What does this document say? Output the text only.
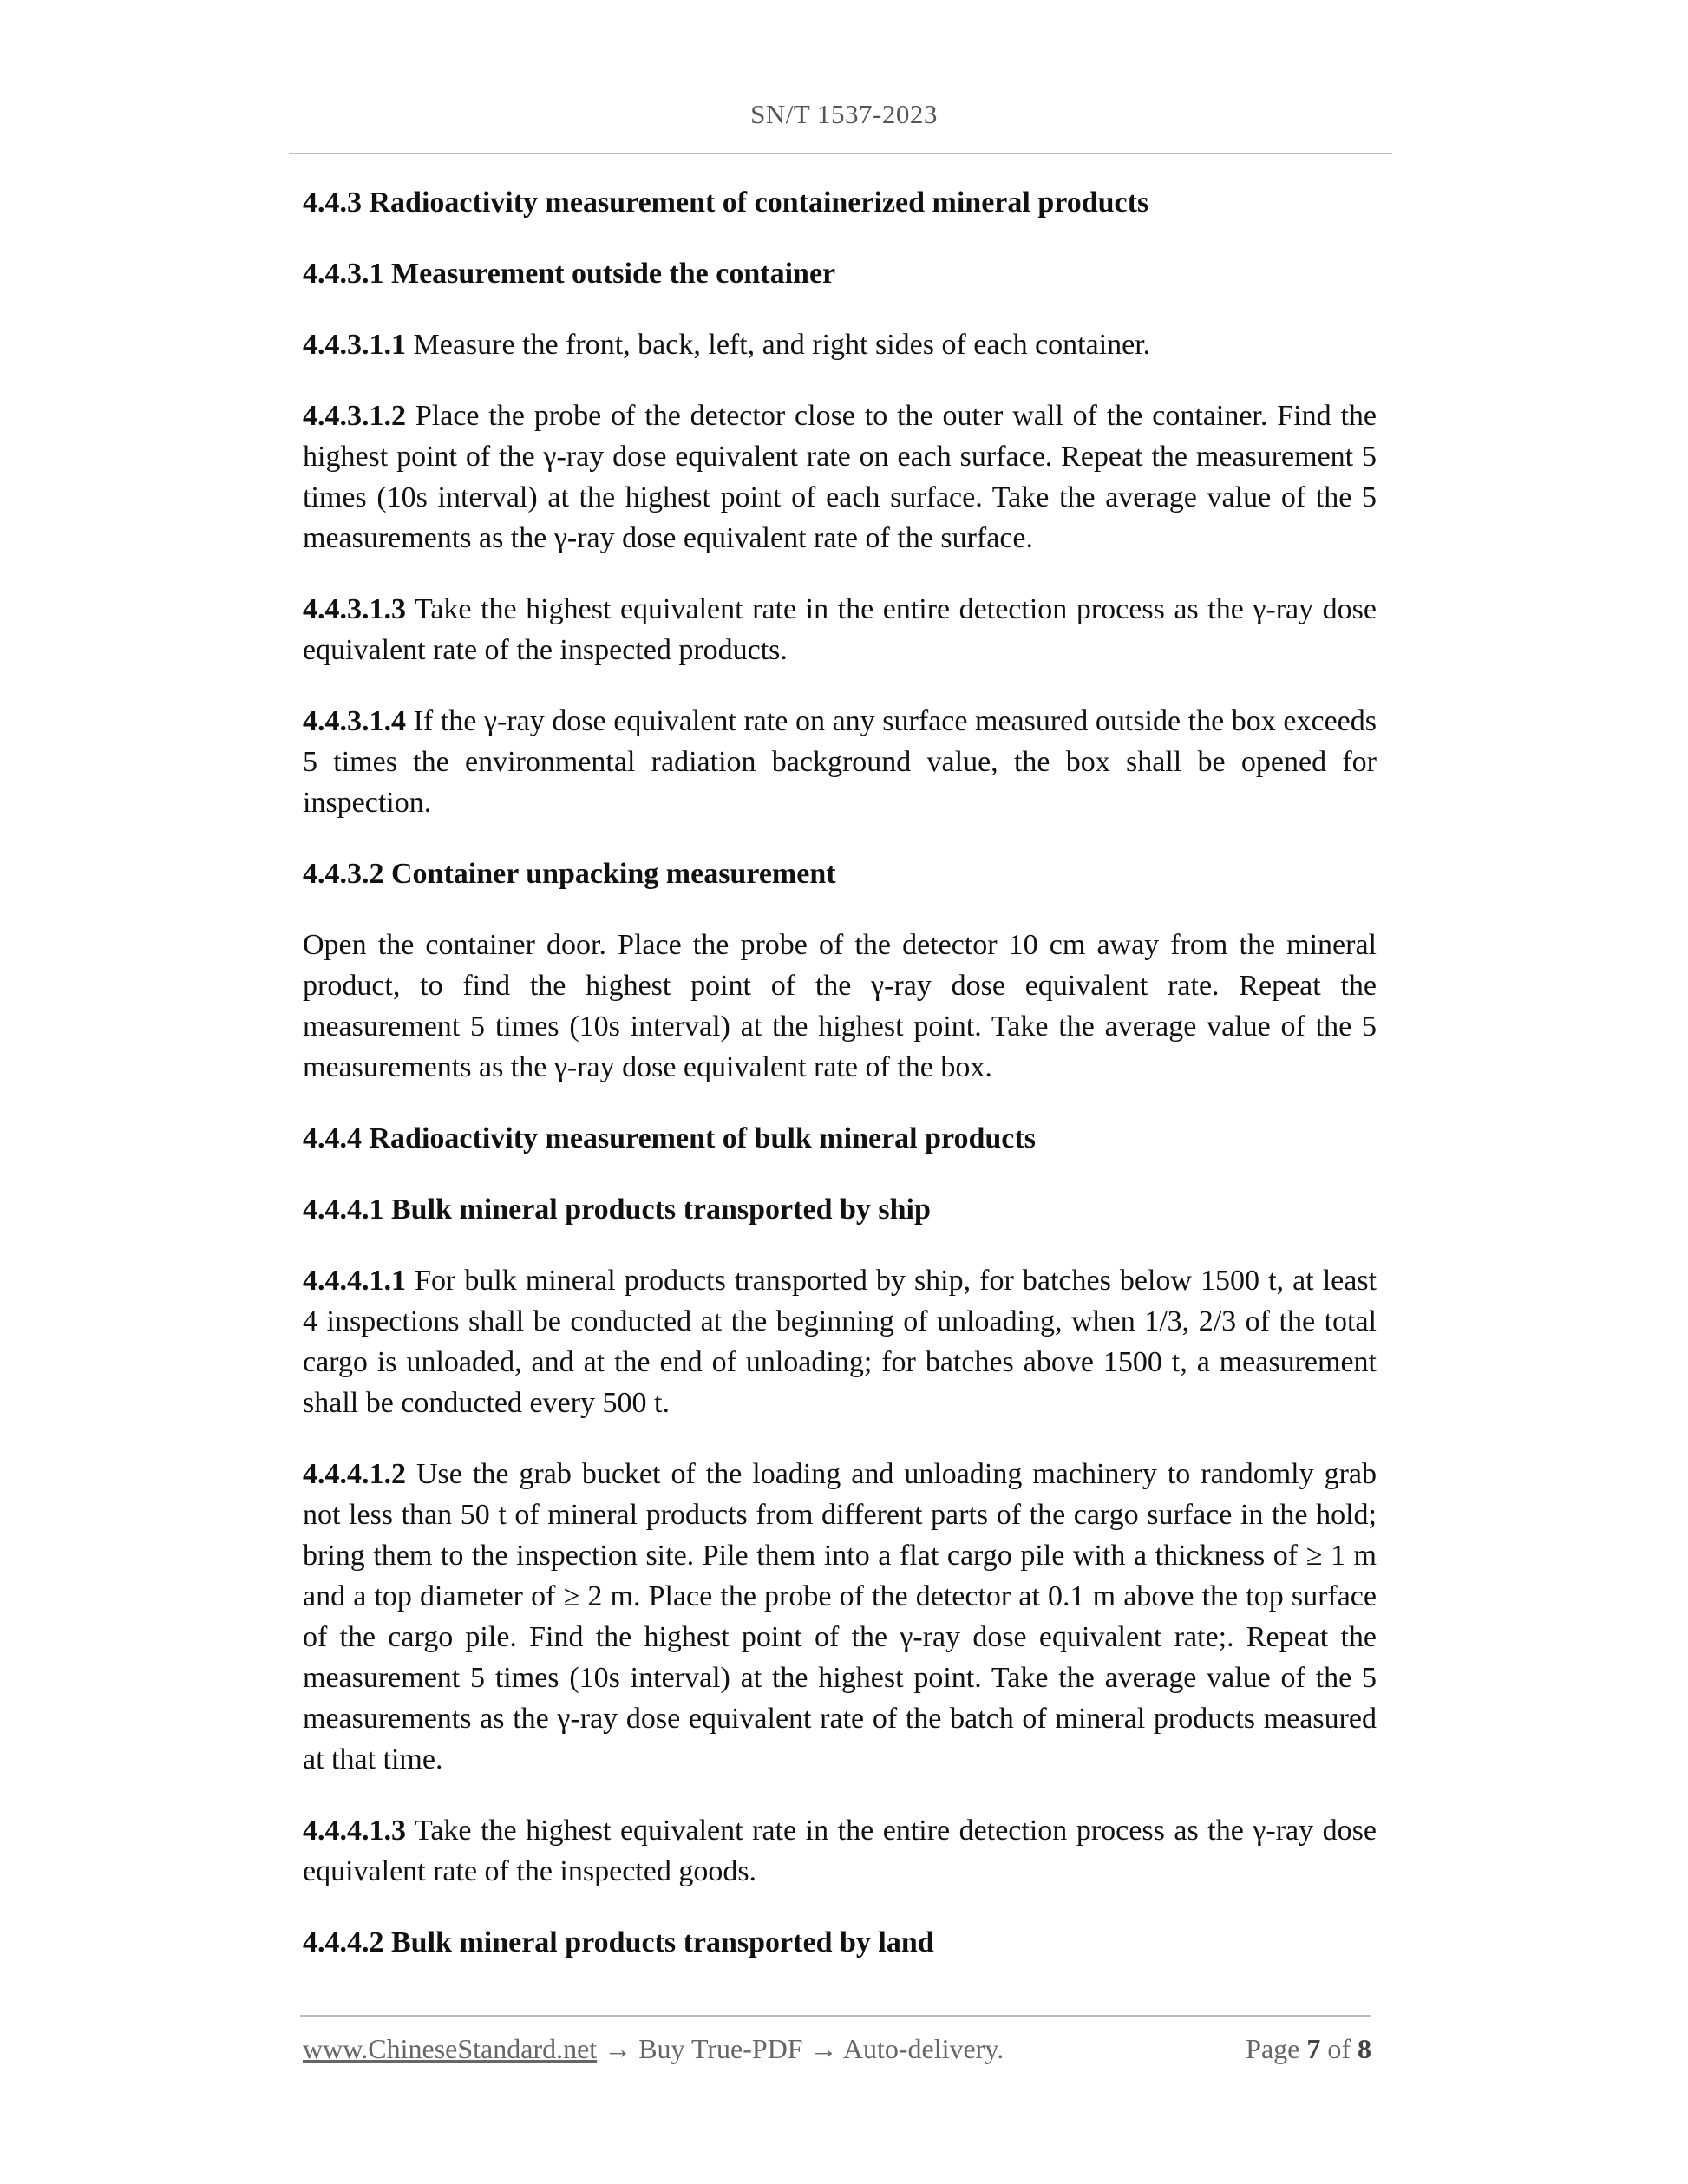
SN/T 1537-2023
4.4.3 Radioactivity measurement of containerized mineral products
4.4.3.1 Measurement outside the container
4.4.3.1.1 Measure the front, back, left, and right sides of each container.
4.4.3.1.2 Place the probe of the detector close to the outer wall of the container. Find the highest point of the γ-ray dose equivalent rate on each surface. Repeat the measurement 5 times (10s interval) at the highest point of each surface. Take the average value of the 5 measurements as the γ-ray dose equivalent rate of the surface.
4.4.3.1.3 Take the highest equivalent rate in the entire detection process as the γ-ray dose equivalent rate of the inspected products.
4.4.3.1.4 If the γ-ray dose equivalent rate on any surface measured outside the box exceeds 5 times the environmental radiation background value, the box shall be opened for inspection.
4.4.3.2 Container unpacking measurement
Open the container door. Place the probe of the detector 10 cm away from the mineral product, to find the highest point of the γ-ray dose equivalent rate. Repeat the measurement 5 times (10s interval) at the highest point. Take the average value of the 5 measurements as the γ-ray dose equivalent rate of the box.
4.4.4 Radioactivity measurement of bulk mineral products
4.4.4.1 Bulk mineral products transported by ship
4.4.4.1.1 For bulk mineral products transported by ship, for batches below 1500 t, at least 4 inspections shall be conducted at the beginning of unloading, when 1/3, 2/3 of the total cargo is unloaded, and at the end of unloading; for batches above 1500 t, a measurement shall be conducted every 500 t.
4.4.4.1.2 Use the grab bucket of the loading and unloading machinery to randomly grab not less than 50 t of mineral products from different parts of the cargo surface in the hold; bring them to the inspection site. Pile them into a flat cargo pile with a thickness of ≥ 1 m and a top diameter of ≥ 2 m. Place the probe of the detector at 0.1 m above the top surface of the cargo pile. Find the highest point of the γ-ray dose equivalent rate;. Repeat the measurement 5 times (10s interval) at the highest point. Take the average value of the 5 measurements as the γ-ray dose equivalent rate of the batch of mineral products measured at that time.
4.4.4.1.3 Take the highest equivalent rate in the entire detection process as the γ-ray dose equivalent rate of the inspected goods.
4.4.4.2 Bulk mineral products transported by land
www.ChineseStandard.net → Buy True-PDF → Auto-delivery.	Page 7 of 8
